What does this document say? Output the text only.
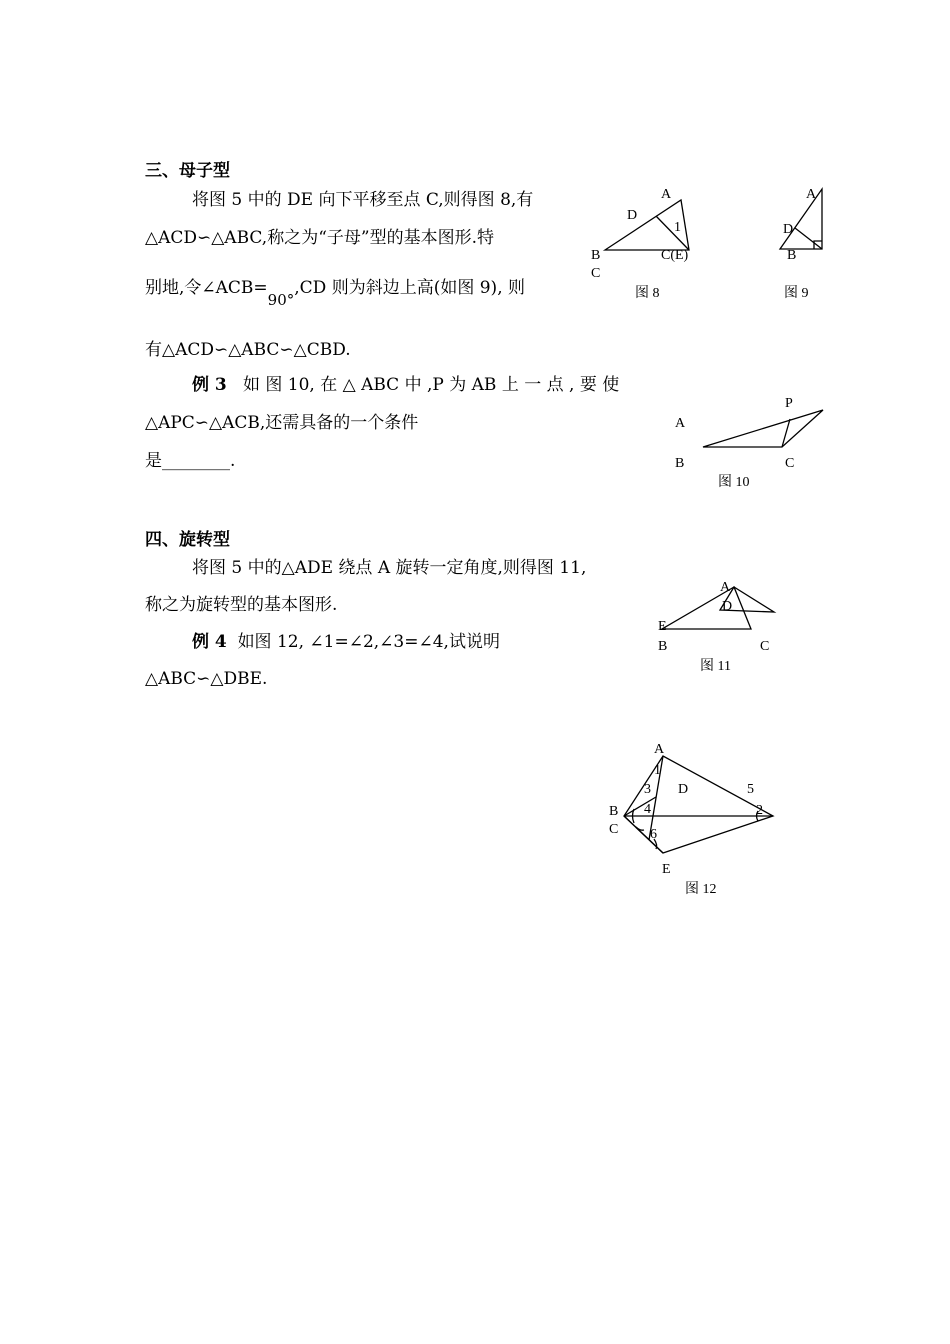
三、母子型
将图 5 中的 DE 向下平移至点 C,则得图 8,有
△ACD∽△ABC,称之为“子母”型的基本图形.特
别地,令∠ACB=90°,CD 则为斜边上高(如图 9), 则
有△ACD∽△ABC∽△CBD.
例 3 如 图 10, 在 △ ABC 中 ,P 为 AB 上 一 点 , 要 使
△APC∽△ACB,还需具备的一个条件
是________.
四、旋转型
将图 5 中的△ADE 绕点 A 旋转一定角度,则得图 11,
称之为旋转型的基本图形.
例 4 如图 12, ∠1=∠2,∠3=∠4,试说明
△ABC∽△DBE.
A
D
1
B	C(E)
C
图 8
A
D
B
图 9
A
P
B	C
图 10
A
D
E
B	C
图 11
A
1
3 D	5
B 4	2
C 6
E
图 12
